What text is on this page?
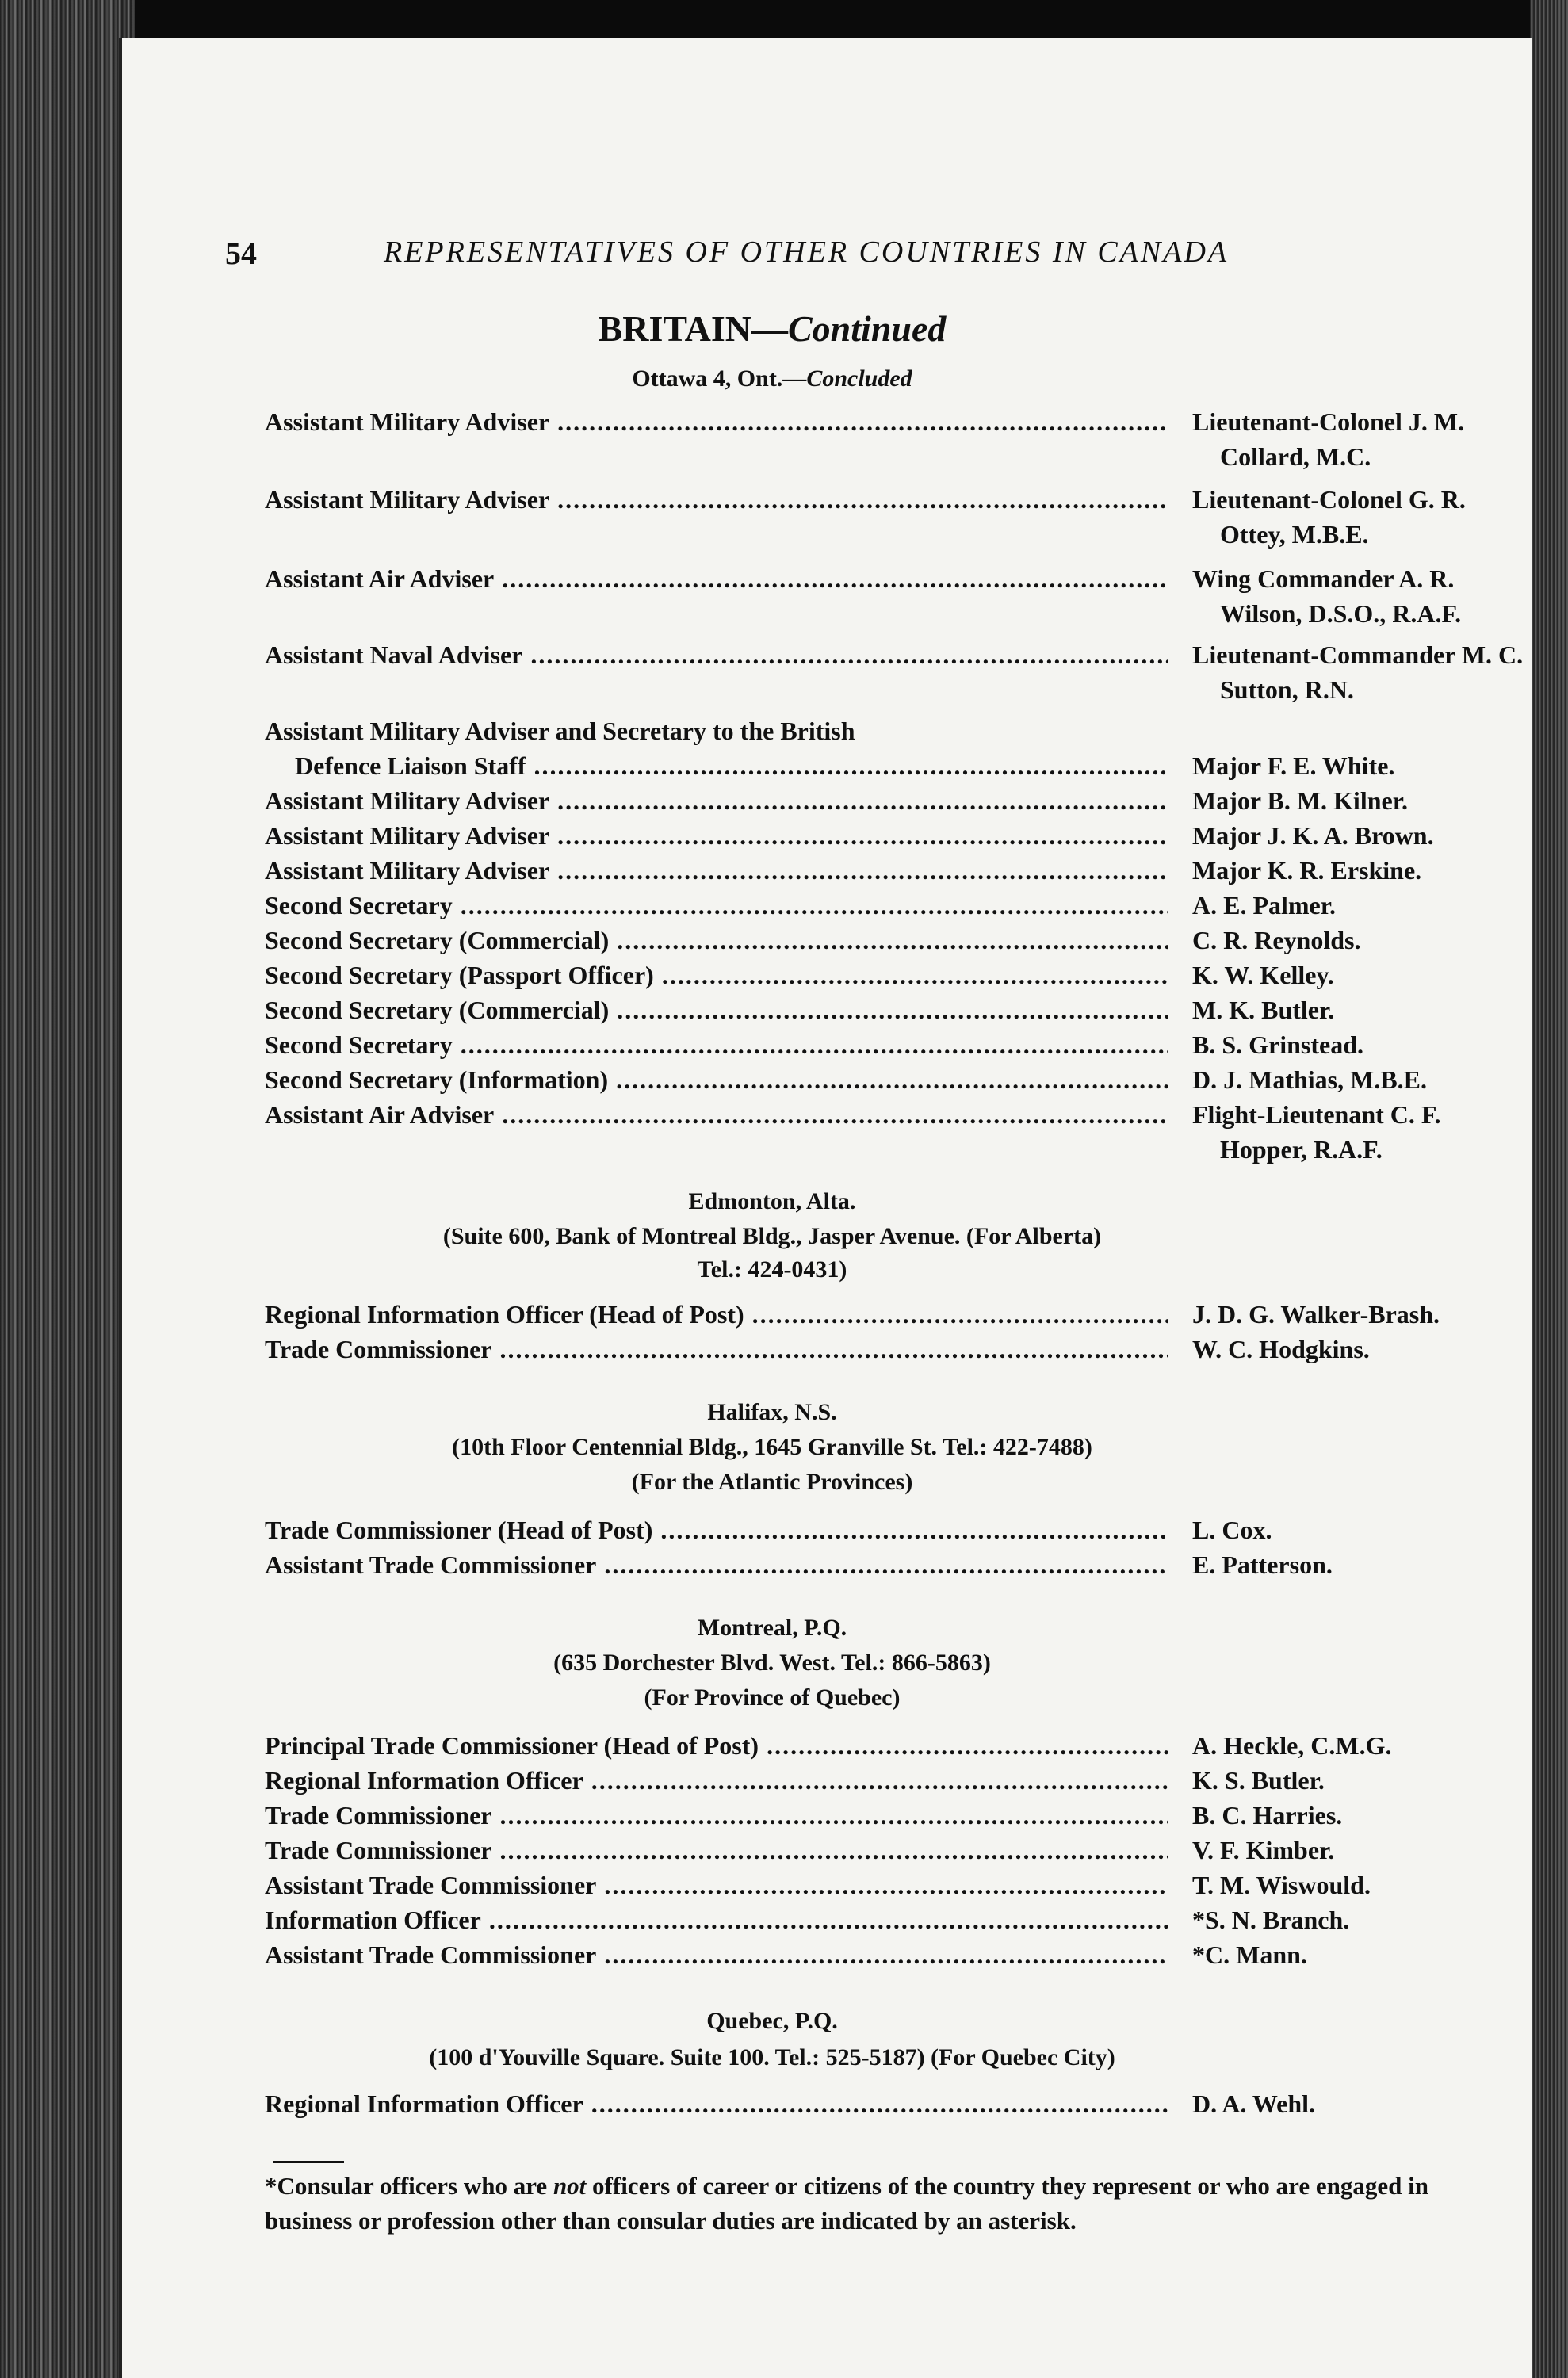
54	REPRESENTATIVES OF OTHER COUNTRIES IN CANADA
BRITAIN—Continued
Ottawa 4, Ont.—Concluded
Assistant Military Adviser .....	Lieutenant-Colonel J. M.
Collard, M.C.
Assistant Military Adviser .....	Lieutenant-Colonel G. R.
Ottey, M.B.E.
Assistant Air Adviser .....	Wing Commander A. R.
Wilson, D.S.O., R.A.F.
Assistant Naval Adviser .....	Lieutenant-Commander M. C.
Sutton, R.N.
Assistant Military Adviser and Secretary to the British
Defence Liaison Staff .....	Major F. E. White.
Assistant Military Adviser .....	Major B. M. Kilner.
Assistant Military Adviser .....	Major J. K. A. Brown.
Assistant Military Adviser .....	Major K. R. Erskine.
Second Secretary .....	A. E. Palmer.
Second Secretary (Commercial) .....	C. R. Reynolds.
Second Secretary (Passport Officer) .....	K. W. Kelley.
Second Secretary (Commercial) .....	M. K. Butler.
Second Secretary .....	B. S. Grinstead.
Second Secretary (Information) .....	D. J. Mathias, M.B.E.
Assistant Air Adviser .....	Flight-Lieutenant C. F.
Hopper, R.A.F.
Edmonton, Alta.
(Suite 600, Bank of Montreal Bldg., Jasper Avenue. (For Alberta)
Tel.: 424-0431)
Regional Information Officer (Head of Post) .....	J. D. G. Walker-Brash.
Trade Commissioner .....	W. C. Hodgkins.
Halifax, N.S.
(10th Floor Centennial Bldg., 1645 Granville St. Tel.: 422-7488)
(For the Atlantic Provinces)
Trade Commissioner (Head of Post) .....	L. Cox.
Assistant Trade Commissioner .....	E. Patterson.
Montreal, P.Q.
(635 Dorchester Blvd. West. Tel.: 866-5863)
(For Province of Quebec)
Principal Trade Commissioner (Head of Post) .....	A. Heckle, C.M.G.
Regional Information Officer .....	K. S. Butler.
Trade Commissioner .....	B. C. Harries.
Trade Commissioner .....	V. F. Kimber.
Assistant Trade Commissioner .....	T. M. Wiswould.
Information Officer .....	*S. N. Branch.
Assistant Trade Commissioner .....	*C. Mann.
Quebec, P.Q.
(100 d'Youville Square. Suite 100. Tel.: 525-5187) (For Quebec City)
Regional Information Officer .....	D. A. Wehl.
*Consular officers who are not officers of career or citizens of the country they represent or who are engaged in business or profession other than consular duties are indicated by an asterisk.
